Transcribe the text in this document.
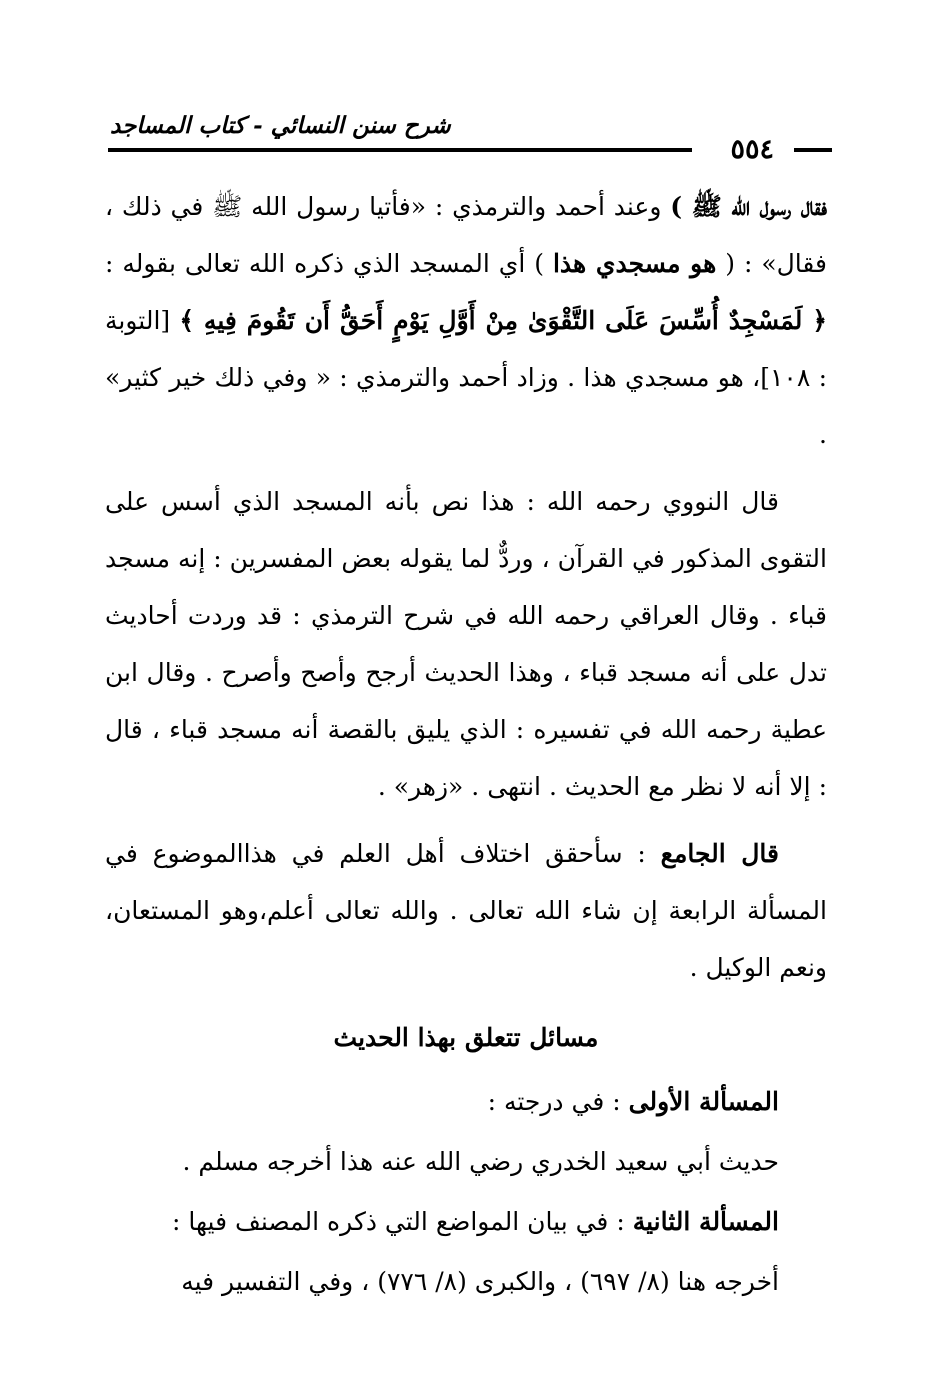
شرح سنن النسائي - كتاب المساجد
٥٥٤

فقال رسول الله ﷺ ) وعند أحمد والترمذي : «فأتيا رسول الله ﷺ في ذلك ، فقال» : ( هو مسجدي هذا ) أي المسجد الذي ذكره الله تعالى بقوله : ﴿ لَمَسْجِدٌ أُسِّسَ عَلَى التَّقْوَىٰ مِنْ أَوَّلِ يَوْمٍ أَحَقُّ أَن تَقُومَ فِيهِ ﴾ [التوبة : ١٠٨]، هو مسجدي هذا . وزاد أحمد والترمذي : « وفي ذلك خير كثير» .

قال النووي رحمه الله : هذا نص بأنه المسجد الذي أسس على التقوى المذكور في القرآن ، وردٌّ لما يقوله بعض المفسرين : إنه مسجد قباء . وقال العراقي رحمه الله في شرح الترمذي : قد وردت أحاديث تدل على أنه مسجد قباء ، وهذا الحديث أرجح وأصح وأصرح . وقال ابن عطية رحمه الله في تفسيره : الذي يليق بالقصة أنه مسجد قباء ، قال : إلا أنه لا نظر مع الحديث . انتهى . «زهر» .

قال الجامع : سأحقق اختلاف أهل العلم في هذاالموضوع في المسألة الرابعة إن شاء الله تعالى . والله تعالى أعلم،وهو المستعان، ونعم الوكيل .

مسائل تتعلق بهذا الحديث

المسألة الأولى : في درجته :

حديث أبي سعيد الخدري رضي الله عنه هذا أخرجه مسلم .

المسألة الثانية : في بيان المواضع التي ذكره المصنف فيها :

أخرجه هنا (٨/ ٦٩٧) ، والكبرى (٨/ ٧٧٦) ، وفي التفسير فيه
